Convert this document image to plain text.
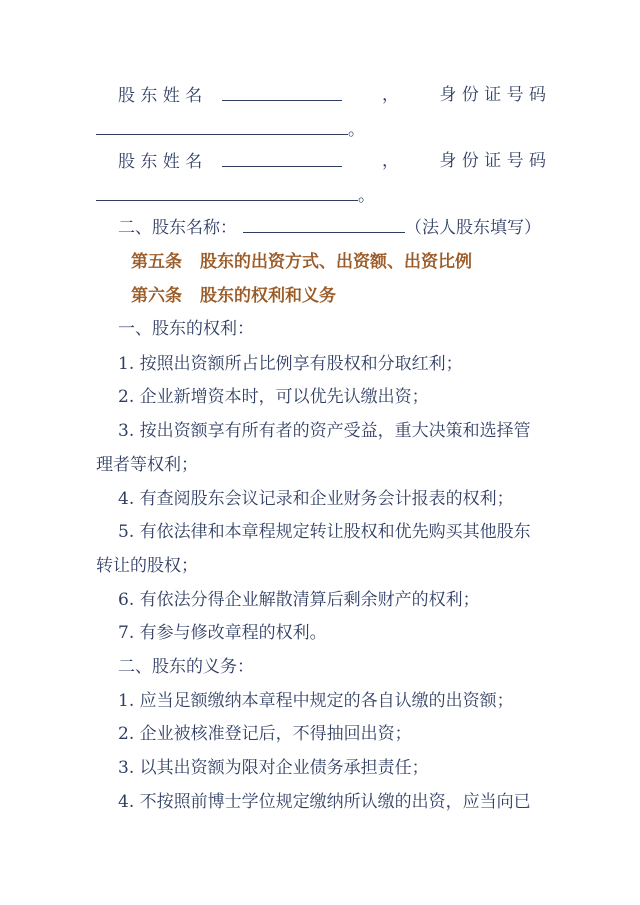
股 东 姓 名	， 身 份 证 号 码
。
股 东 姓 名	， 身 份 证 号 码
。
二、股东名称：	（法人股东填写）
第五条 股东的出资方式、出资额、出资比例
第六条 股东的权利和义务
一、股东的权利：
1. 按照出资额所占比例享有股权和分取红利；
2. 企业新增资本时，可以优先认缴出资；
3. 按出资额享有所有者的资产受益，重大决策和选择管
理者等权利；
4. 有查阅股东会议记录和企业财务会计报表的权利；
5. 有依法律和本章程规定转让股权和优先购买其他股东
转让的股权；
6. 有依法分得企业解散清算后剩余财产的权利；
7. 有参与修改章程的权利。
二、股东的义务：
1. 应当足额缴纳本章程中规定的各自认缴的出资额；
2. 企业被核准登记后，不得抽回出资；
3. 以其出资额为限对企业债务承担责任；
4. 不按照前博士学位规定缴纳所认缴的出资，应当向已
